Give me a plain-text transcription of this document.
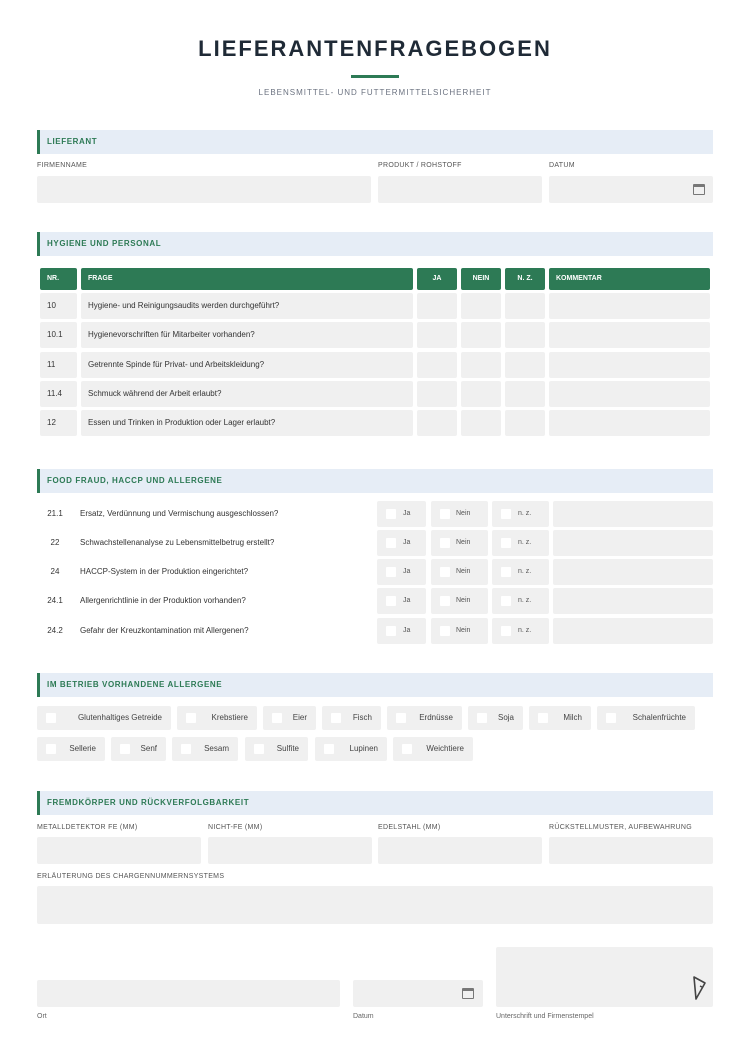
LIEFERANTENFRAGEBOGEN
LEBENSMITTEL- UND FUTTERMITTELSICHERHEIT
LIEFERANT
FIRMENNAME	PRODUKT / ROHSTOFF	DATUM
HYGIENE UND PERSONAL
NR.	FRAGE	JA	NEIN	N. Z.	KOMMENTAR
10	Hygiene- und Reinigungsaudits werden durchgeführt?
10.1	Hygienevorschriften für Mitarbeiter vorhanden?
11	Getrennte Spinde für Privat- und Arbeitskleidung?
11.4	Schmuck während der Arbeit erlaubt?
12	Essen und Trinken in Produktion oder Lager erlaubt?
FOOD FRAUD, HACCP UND ALLERGENE
21.1	Ersatz, Verdünnung und Vermischung ausgeschlossen?	Ja	Nein	n. z.
22	Schwachstellenanalyse zu Lebensmittelbetrug erstellt?	Ja	Nein	n. z.
24	HACCP-System in der Produktion eingerichtet?	Ja	Nein	n. z.
24.1	Allergenrichtlinie in der Produktion vorhanden?	Ja	Nein	n. z.
24.2	Gefahr der Kreuzkontamination mit Allergenen?	Ja	Nein	n. z.
IM BETRIEB VORHANDENE ALLERGENE
Glutenhaltiges Getreide	Krebstiere	Eier	Fisch	Erdnüsse	Soja	Milch	Schalenfrüchte
Sellerie	Senf	Sesam	Sulfite	Lupinen	Weichtiere
FREMDKÖRPER UND RÜCKVERFOLGBARKEIT
METALLDETEKTOR FE (MM)	NICHT-FE (MM)	EDELSTAHL (MM)	RÜCKSTELLMUSTER, AUFBEWAHRUNG
ERLÄUTERUNG DES CHARGENNUMMERNSYSTEMS
Ort	Datum	Unterschrift und Firmenstempel
